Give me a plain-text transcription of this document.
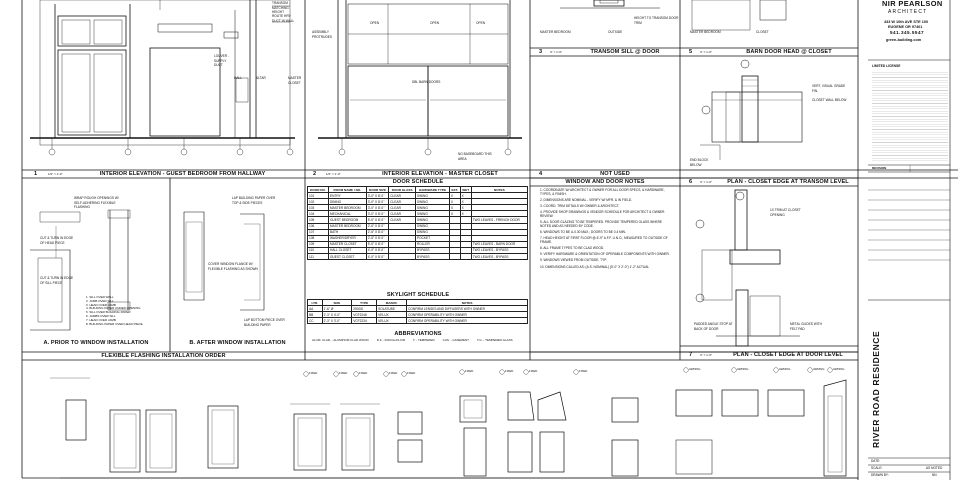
NIR PEARLSON
ARCHITECT
433 W 10th AVE STE 100
EUGENE OR 97401
541.345.5547
green-building.com
LIMITED LICENSE
REVISION
RIVER ROAD RESIDENCE
DATE:
SCALE:	AS NOTED
DRAWN BY:	NN
1	1/2" = 1'-0"	INTERIOR ELEVATION - GUEST BEDROOM FROM HALLWAY	2	1/2" = 1'-0"	INTERIOR ELEVATION - MASTER CLOSET
3	3" = 1'-0"	TRANSOM SILL @ DOOR	5	3" = 1'-0"	BARN DOOR HEAD @ CLOSET
4	NOT USED
6	3" = 1'-0"	PLAN - CLOSET EDGE AT TRANSOM LEVEL
7	3" = 1'-0"	PLAN - CLOSET EDGE AT DOOR LEVEL
FLEXIBLE FLASHING INSTALLATION ORDER
A. PRIOR TO WINDOW INSTALLATION	B. AFTER WINDOW INSTALLATION
WINDOW AND DOOR NOTES
TRANSOM - MATCHING HEIGHT
ROUTE HRV DUCT IN WALL
LOUVER - SUPPLY DUCT
HALL	ALTAR	MASTER CLOSET
OPEN	OPEN	OPEN
DBL BARN DOORS
ASSEMBLY PROTRUDES
NO BASEBOARD THIS AREA
MASTER BEDROOM	OUTSIDE
HEIGHT TO TRANSOM DOOR TRIM
MASTER BEDROOM	CLOSET
VERT. VISUAL GRADE FIN.
CLOSET WALL BELOW
END BLOCK BELOW
1X TRIM AT CLOSET OPENING
PADDED ANGLE STOP AT BACK OF DOOR
METAL GLIDES WITH FELT PAD
WRAP ROUGH OPENINGS W/ SELF-ADHERING FLEXIBLE FLASHING
CUT & TURN IN EDGE OF HEAD PIECE
CUT & TURN IN EDGE OF SILL PIECE
LAP BUILDING PAPER OVER TOP & SIDE PIECES
COVER WINDOW FLANGE W/ FLEXIBLE FLASHING AS SHOWN
LAP BOTTOM PIECE OVER BUILDING PAPER
1. SILL OVER WALL
2. JAMB OVER SILL
3. HEAD OVER JAMB
4. BUILDING PAPER UNDER OPENING
5. SILL OVER BUILDING PAPER
6. JAMBS OVER SILL
7. HEAD OVER JAMB
8. BUILDING PAPER OVER HEAD PIECE
DOOR SCHEDULE
DOOR NO.	ROOM NAME / NO.	DOOR SIZE	DOOR GLASS	HARDWARE TYPE	EXT.	WET	NOTES
101	ENTRY	3'-0" X 8'-0"	CLEAR	SWING	X	X	
102	DINING	3'-0" X 8'-0"	CLEAR	SWING	X	X	
103	MASTER BEDROOM	3'-0" X 8'-0"	CLEAR	SWING	X	X	
104	MECHANICAL	3'-0" X 8'-0"	CLEAR	SWING	X	X	
105	GUEST BEDROOM	5'-0" X 8'-0"	CLEAR	SWING			TWO LEAVES - FRENCH DOOR
106	MASTER BEDROOM	2'-6" X 8'-0"		SWING			
107	BATH	2'-6" X 8'-0"		SWING			
108	WASHER/DRYER	2'-6" X 8'-0"		POCKET			
109	MASTER CLOSET	5'-0" X 8'-0"		ROLLER			TWO LEAVES - BARN DOOR
110	HALL CLOSET	4'-0" X 8'-0"		BYPASS			TWO LEAVES - BYPASS
111	GUEST CLOSET	4'-0" X 8'-0"		BYPASS			TWO LEAVES - BYPASS
SKYLIGHT SCHEDULE
LTR.	SIZE	TYPE	MANUF.	NOTES
AA	1'-6" Ø	290DS	SOLATUBE	CONFIRM LENSES AND DIFFUSERS WITH OWNER
BB	2'-3" X 4'-0"	VCF2246	VELUX	CONFIRM OPERABILITY WITH OWNER
CC	2'-3" X 3'-0"	VCF2234	VELUX	CONFIRM OPERABILITY WITH OWNER
ABBREVIATIONS
ALUM. CLAD. - ALUMINUM CLAD WOOD	D.F. - DOUGLAS FIR	T. - TEMPERED	CAS. - CASEMENT	T.G. - TEMPERED GLASS
1. COORDINATE W/ ARCHITECT & OWNER FOR ALL DOOR SPECS, & HARDWARE, TYPES, & FINISH.
2. DIMENSIONS ARE NOMINAL - VERIFY W/ MFR. & IN FIELD.
3. COORD. TRIM DETAILS W/ OWNER & ARCHITECT.
4. PROVIDE SHOP DRAWINGS & VENDOR SCHEDULE FOR ARCHITECT & OWNER REVIEW.
5. ALL DOOR GLAZING TO BE TEMPERED. PROVIDE TEMPERED GLASS WHERE NOTED AND AS NEEDED BY CODE.
6. WINDOWS TO BE U-0.30 MAX.; DOORS TO BE 0.4 MIN.
7. HEAD HEIGHT AT FIRST FLOOR @ 6'-9" A.F.F. U.N.O., MEASURED TO OUTSIDE OF FRAME.
8. ALL FRAME TYPES TO BE CLAD WOOD.
9. VERIFY HARDWARE & ORIENTATION OF OPERABLE COMPONENTS WITH OWNER.
9. WINDOWS VIEWED FROM OUTSIDE, TYP.
10. DIMENSIONS CALLED AS: (A.S. NOMINAL) (5'-0" X 2'-0") 1'-2" ACTUAL
FIXED	FIXED	FIXED	FIXED	FIXED	FIXED	FIXED	FIXED	FIXED	AWNING	AWNING	AWNING	AWNING	AWNING
